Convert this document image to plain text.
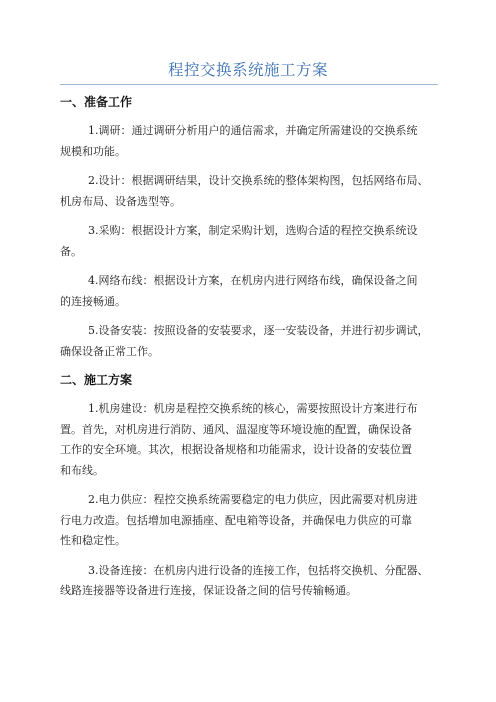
程控交换系统施工方案
一、准备工作

1.调研：通过调研分析用户的通信需求，并确定所需建设的交换系统
规模和功能。

2.设计：根据调研结果，设计交换系统的整体架构图，包括网络布局、
机房布局、设备选型等。

3.采购：根据设计方案，制定采购计划，选购合适的程控交换系统设
备。

4.网络布线：根据设计方案，在机房内进行网络布线，确保设备之间
的连接畅通。

5.设备安装：按照设备的安装要求，逐一安装设备，并进行初步调试，
确保设备正常工作。

二、施工方案

1.机房建设：机房是程控交换系统的核心，需要按照设计方案进行布
置。首先，对机房进行消防、通风、温湿度等环境设施的配置，确保设备
工作的安全环境。其次，根据设备规格和功能需求，设计设备的安装位置
和布线。

2.电力供应：程控交换系统需要稳定的电力供应，因此需要对机房进
行电力改造。包括增加电源插座、配电箱等设备，并确保电力供应的可靠
性和稳定性。

3.设备连接：在机房内进行设备的连接工作，包括将交换机、分配器、
线路连接器等设备进行连接，保证设备之间的信号传输畅通。
